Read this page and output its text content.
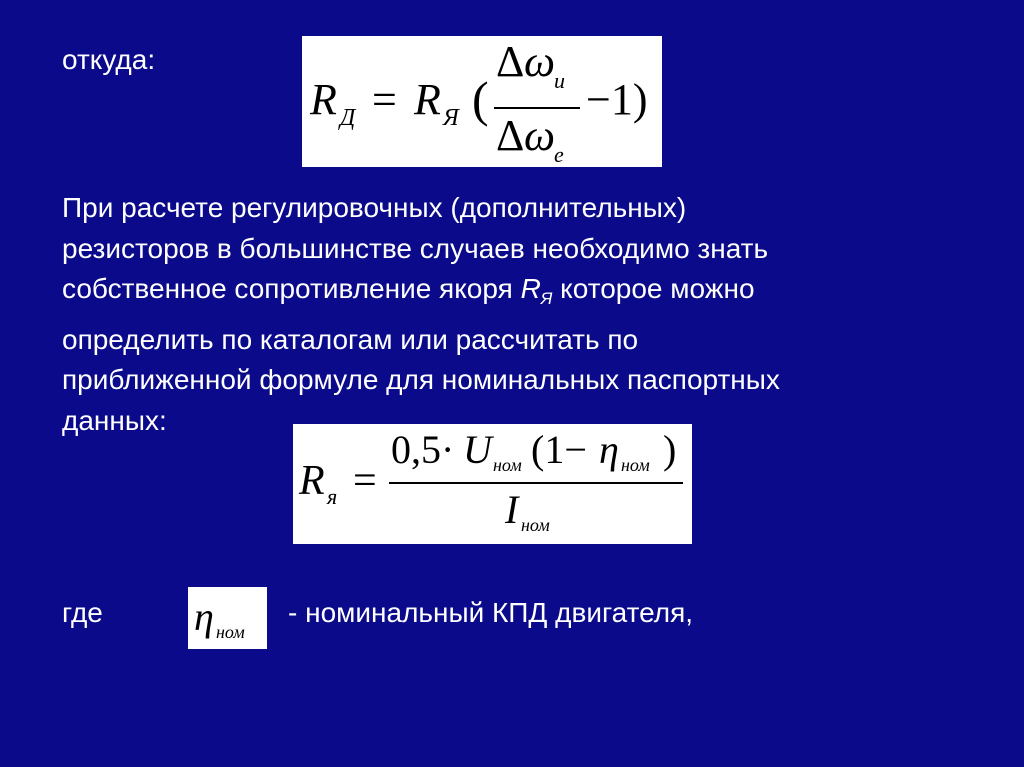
откуда:
R Д = R Я (
Δ ω
и
Δ ω
е
−1)
При расчете регулировочных (дополнительных)
резисторов в большинстве случаев необходимо знать
собственное сопротивление якоря $R_Я$ которое можно
определить по каталогам или рассчитать по
приближенной формуле для номинальных паспортных
данных:
R я =
0,5· U ном (1− η ном )
I ном
где η ном
- номинальный КПД двигателя,
